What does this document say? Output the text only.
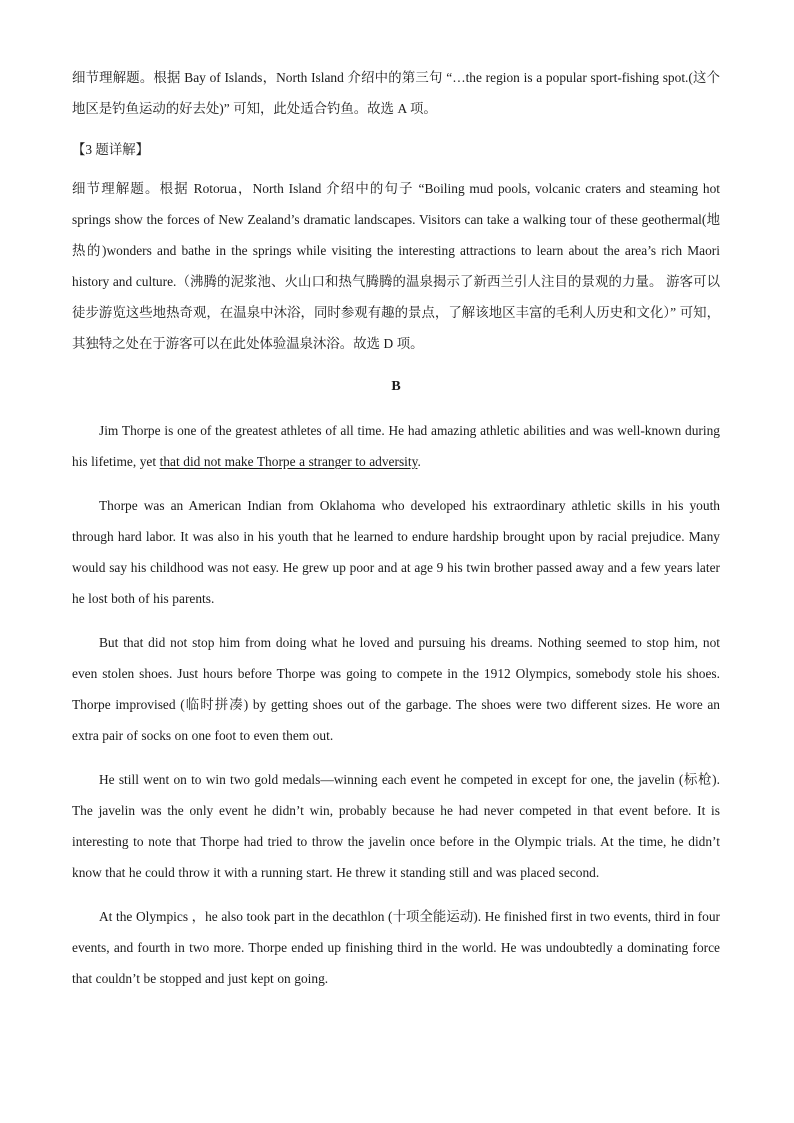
细节理解题。根据 Bay of Islands，North Island 介绍中的第三句 “…the region is a popular sport-fishing spot.(这个地区是钓鱼运动的好去处)” 可知，此处适合钓鱼。故选 A 项。

【3 题详解】

细节理解题。根据 Rotorua，North Island 介绍中的句子 “Boiling mud pools, volcanic craters and steaming hot springs show the forces of New Zealand’s dramatic landscapes. Visitors can take a walking tour of these geothermal(地热的)wonders and bathe in the springs while visiting the interesting attractions to learn about the area’s rich Maori history and culture.（沸腾的泥浆池、火山口和热气腾腾的温泉揭示了新西兰引人注目的景观的力量。 游客可以徒步游览这些地热奇观，在温泉中沐浴，同时参观有趣的景点，了解该地区丰富的毛利人历史和文化）” 可知，其独特之处在于游客可以在此处体验温泉沐浴。故选 D 项。

B

Jim Thorpe is one of the greatest athletes of all time. He had amazing athletic abilities and was well-known during his lifetime, yet that did not make Thorpe a stranger to adversity.

Thorpe was an American Indian from Oklahoma who developed his extraordinary athletic skills in his youth through hard labor. It was also in his youth that he learned to endure hardship brought upon by racial prejudice. Many would say his childhood was not easy. He grew up poor and at age 9 his twin brother passed away and a few years later he lost both of his parents.

But that did not stop him from doing what he loved and pursuing his dreams. Nothing seemed to stop him, not even stolen shoes. Just hours before Thorpe was going to compete in the 1912 Olympics, somebody stole his shoes. Thorpe improvised (临时拼凑) by getting shoes out of the garbage. The shoes were two different sizes. He wore an extra pair of socks on one foot to even them out.

He still went on to win two gold medals—winning each event he competed in except for one, the javelin (标枪). The javelin was the only event he didn’t win, probably because he had never competed in that event before. It is interesting to note that Thorpe had tried to throw the javelin once before in the Olympic trials. At the time, he didn’t know that he could throw it with a running start. He threw it standing still and was placed second.

At the Olympics ，he also took part in the decathlon (十项全能运动). He finished first in two events, third in four events, and fourth in two more. Thorpe ended up finishing third in the world. He was undoubtedly a dominating force that couldn’t be stopped and just kept on going.
